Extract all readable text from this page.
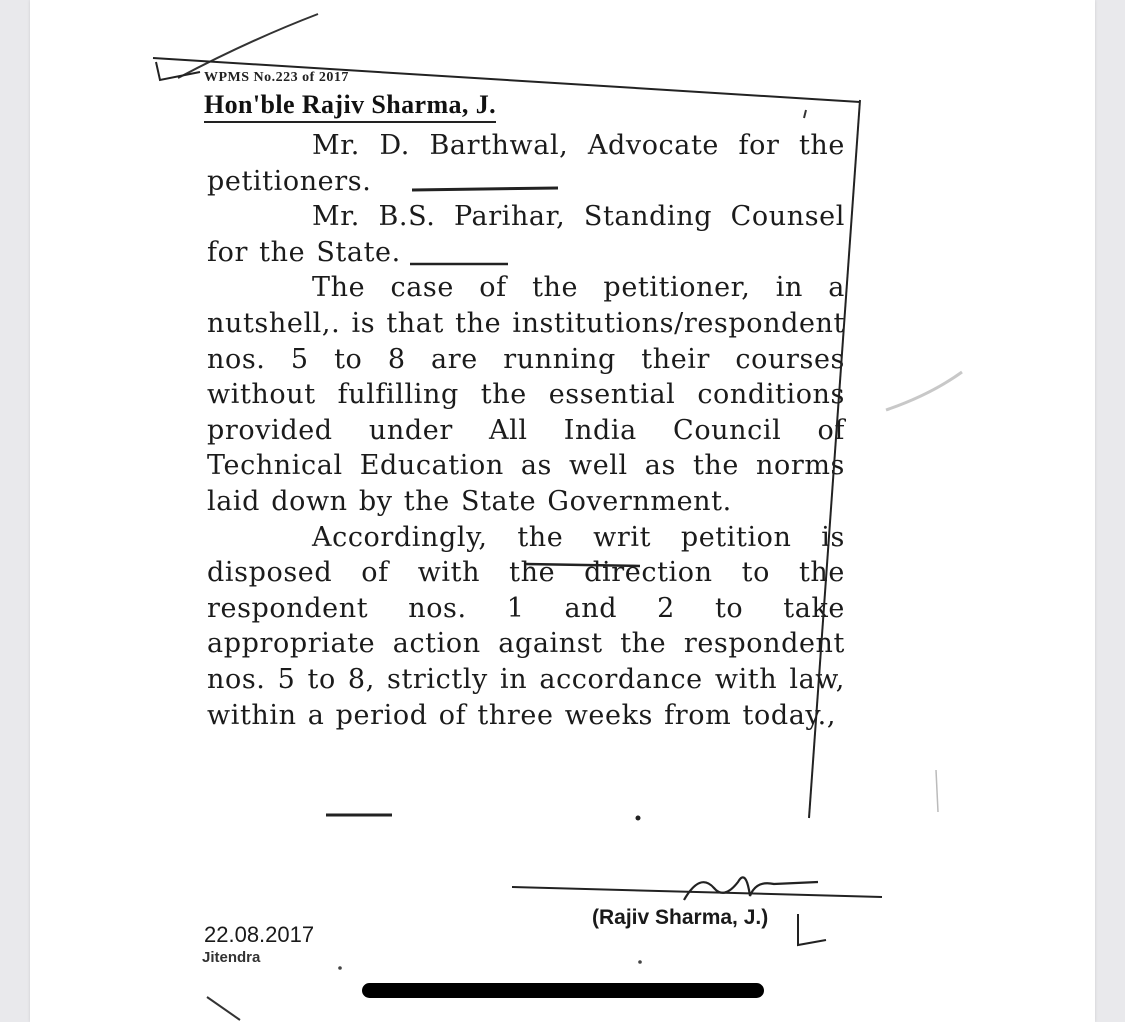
WPMS No.223 of 2017
Hon'ble Rajiv Sharma, J.

Mr. D. Barthwal, Advocate for the petitioners.

Mr. B.S. Parihar, Standing Counsel for the State.

The case of the petitioner, in a nutshell,. is that the institutions/respondent nos. 5 to 8 are running their courses without fulfilling the essential conditions provided under All India Council of Technical Education as well as the norms laid down by the State Government.

Accordingly, the writ petition is disposed of with the direction to the respondent nos. 1 and 2 to take appropriate action against the respondent nos. 5 to 8, strictly in accordance with law, within a period of three weeks from today.,

(Rajiv Sharma, J.)
22.08.2017
Jitendra
